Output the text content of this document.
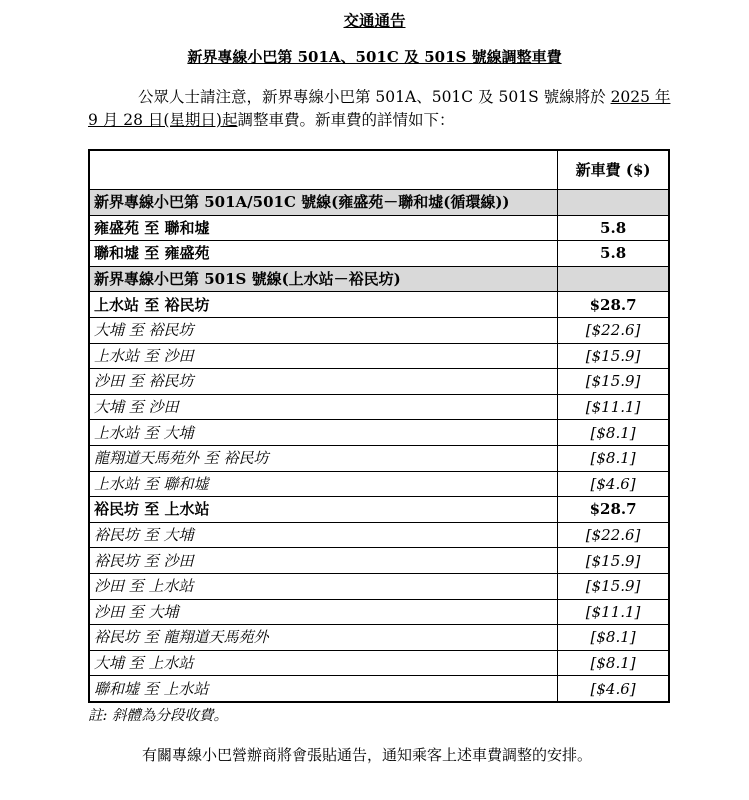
交通通告
新界專線小巴第 501A、501C 及 501S 號線調整車費
公眾人士請注意，新界專線小巴第 501A、501C 及 501S 號線將於 2025 年
9 月 28 日(星期日)起調整車費。新車費的詳情如下：
	新車費 ($)
新界專線小巴第 501A/501C 號線(雍盛苑－聯和墟(循環線))	
雍盛苑 至 聯和墟	5.8
聯和墟 至 雍盛苑	5.8
新界專線小巴第 501S 號線(上水站－裕民坊)	
上水站 至 裕民坊	$28.7
大埔 至 裕民坊	[$22.6]
上水站 至 沙田	[$15.9]
沙田 至 裕民坊	[$15.9]
大埔 至 沙田	[$11.1]
上水站 至 大埔	[$8.1]
龍翔道天馬苑外 至 裕民坊	[$8.1]
上水站 至 聯和墟	[$4.6]
裕民坊 至 上水站	$28.7
裕民坊 至 大埔	[$22.6]
裕民坊 至 沙田	[$15.9]
沙田 至 上水站	[$15.9]
沙田 至 大埔	[$11.1]
裕民坊 至 龍翔道天馬苑外	[$8.1]
大埔 至 上水站	[$8.1]
聯和墟 至 上水站	[$4.6]
註: 斜體為分段收費。
有關專線小巴營辦商將會張貼通告，通知乘客上述車費調整的安排。
